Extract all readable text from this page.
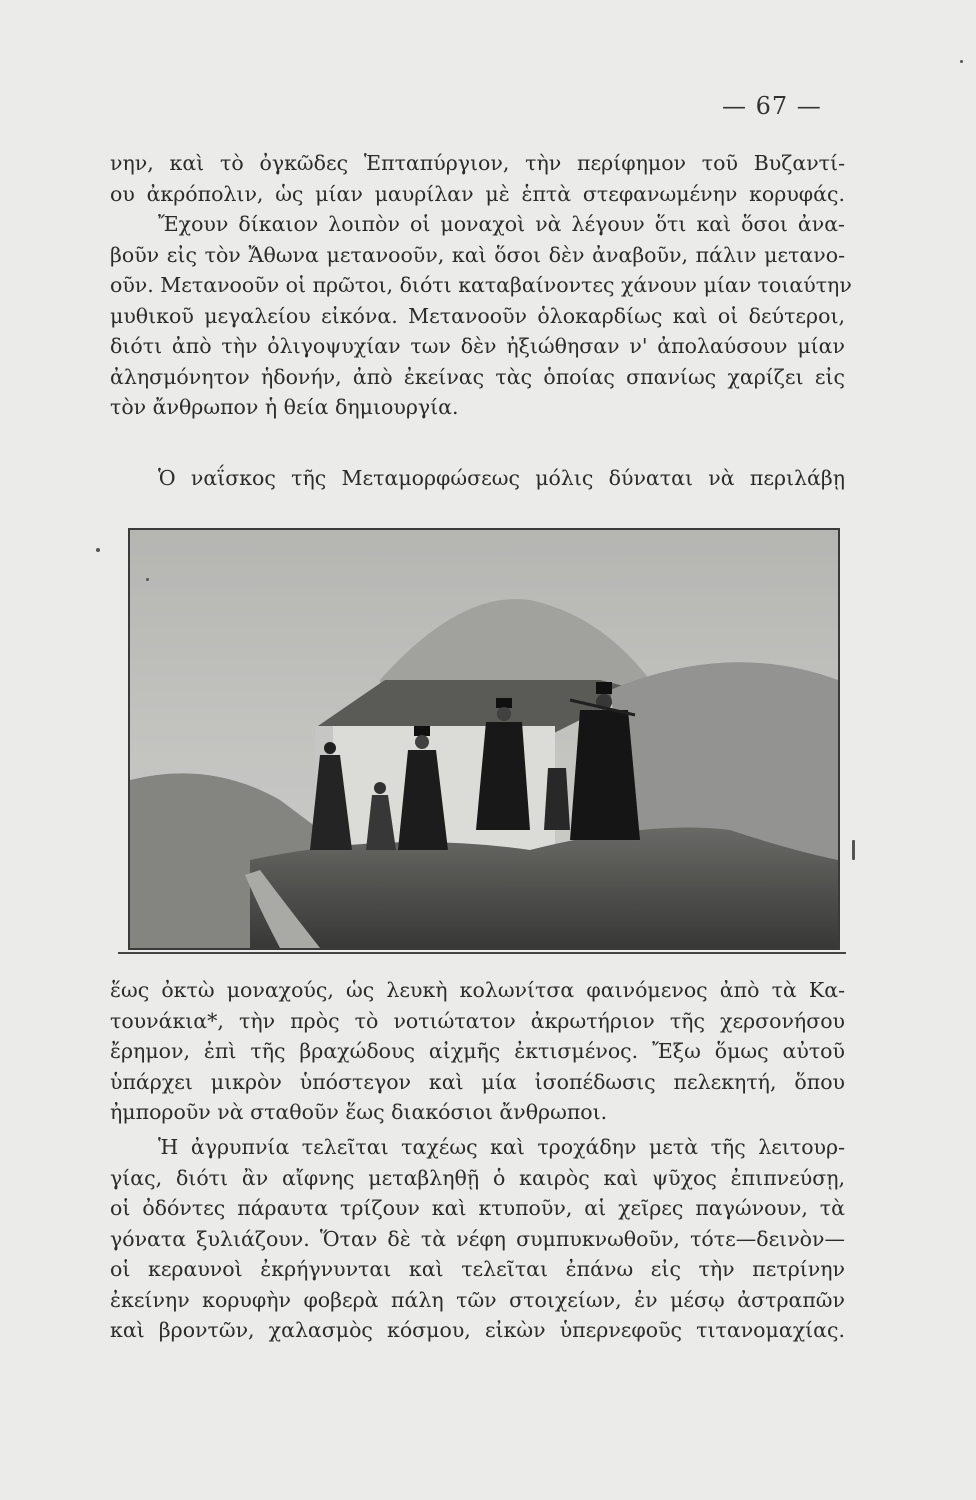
— 67 —
νην, καὶ τὸ ὀγκῶδες Ἑπταπύργιον, τὴν περίφημον τοῦ Βυζαντί-
ου ἀκρόπολιν, ὡς μίαν μαυρίλαν μὲ ἑπτὰ στεφανωμένην κορυφάς.
Ἔχουν δίκαιον λοιπὸν οἱ μοναχοὶ νὰ λέγουν ὅτι καὶ ὅσοι ἀνα-
βοῦν εἰς τὸν Ἄθωνα μετανοοῦν, καὶ ὅσοι δὲν ἀναβοῦν, πάλιν μετανο-
οῦν. Μετανοοῦν οἱ πρῶτοι, διότι καταβαίνοντες χάνουν μίαν τοιαύτην
μυθικοῦ μεγαλείου εἰκόνα. Μετανοοῦν ὁλοκαρδίως καὶ οἱ δεύτεροι,
διότι ἀπὸ τὴν ὀλιγοψυχίαν των δὲν ἠξιώθησαν ν' ἀπολαύσουν μίαν
ἀλησμόνητον ἡδονήν, ἀπὸ ἐκείνας τὰς ὁποίας σπανίως χαρίζει εἰς
τὸν ἄνθρωπον ἡ θεία δημιουργία.
Ὁ ναΐσκος τῆς Μεταμορφώσεως μόλις δύναται νὰ περιλάβῃ
ἕως ὀκτὼ μοναχούς, ὡς λευκὴ κολωνίτσα φαινόμενος ἀπὸ τὰ Κα-
τουνάκια*, τὴν πρὸς τὸ νοτιώτατον ἀκρωτήριον τῆς χερσονήσου
ἔρημον, ἐπὶ τῆς βραχώδους αἰχμῆς ἐκτισμένος. Ἔξω ὅμως αὐτοῦ
ὑπάρχει μικρὸν ὑπόστεγον καὶ μία ἰσοπέδωσις πελεκητή, ὅπου
ἠμποροῦν νὰ σταθοῦν ἕως διακόσιοι ἄνθρωποι.
Ἡ ἀγρυπνία τελεῖται ταχέως καὶ τροχάδην μετὰ τῆς λειτουρ-
γίας, διότι ἂν αἴφνης μεταβληθῇ ὁ καιρὸς καὶ ψῦχος ἐπιπνεύσῃ,
οἱ ὀδόντες πάραυτα τρίζουν καὶ κτυποῦν, αἱ χεῖρες παγώνουν, τὰ
γόνατα ξυλιάζουν. Ὅταν δὲ τὰ νέφη συμπυκνωθοῦν, τότε—δεινὸν—
οἱ κεραυνοὶ ἐκρήγνυνται καὶ τελεῖται ἐπάνω εἰς τὴν πετρίνην
ἐκείνην κορυφὴν φοβερὰ πάλη τῶν στοιχείων, ἐν μέσῳ ἀστραπῶν
καὶ βροντῶν, χαλασμὸς κόσμου, εἰκὼν ὑπερνεφοῦς τιτανομαχίας.
